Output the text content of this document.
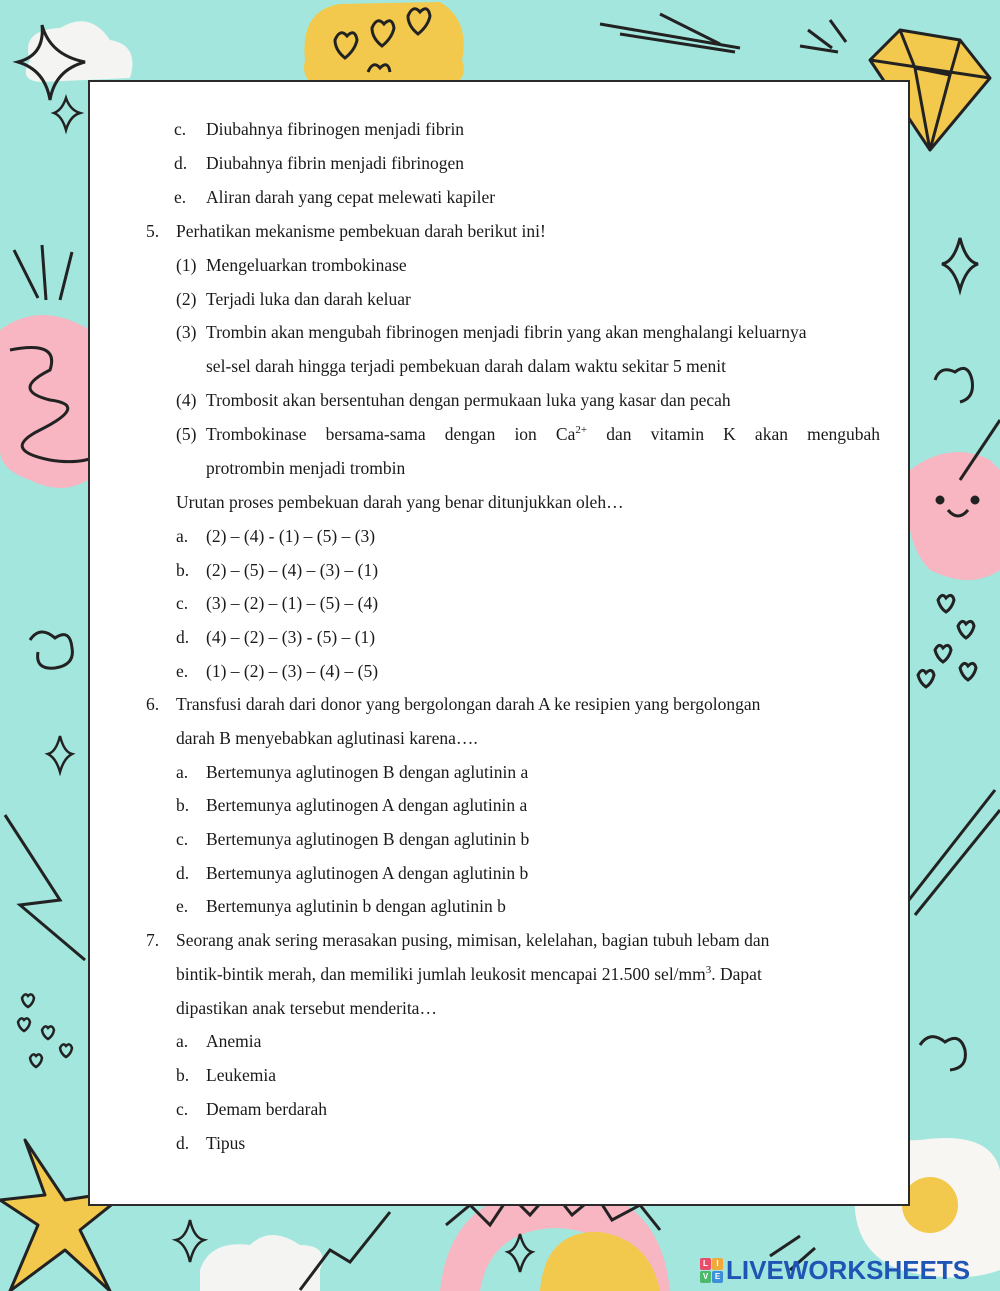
c. Diubahnya fibrinogen menjadi fibrin
d. Diubahnya fibrin menjadi fibrinogen
e. Aliran darah yang cepat melewati kapiler
5. Perhatikan mekanisme pembekuan darah berikut ini!
(1) Mengeluarkan trombokinase
(2) Terjadi luka dan darah keluar
(3) Trombin akan mengubah fibrinogen menjadi fibrin yang akan menghalangi keluarnya
sel-sel darah hingga terjadi pembekuan darah dalam waktu sekitar 5 menit
(4) Trombosit akan bersentuhan dengan permukaan luka yang kasar dan pecah
(5) Trombokinase bersama-sama dengan ion $Ca^{2+}$ dan vitamin K akan mengubah
protrombin menjadi trombin
Urutan proses pembekuan darah yang benar ditunjukkan oleh…
a. (2) – (4) - (1) – (5) – (3)
b. (2) – (5) – (4) – (3) – (1)
c. (3) – (2) – (1) – (5) – (4)
d. (4) – (2) – (3) - (5) – (1)
e. (1) – (2) – (3) – (4) – (5)
6. Transfusi darah dari donor yang bergolongan darah A ke resipien yang bergolongan
darah B menyebabkan aglutinasi karena….
a. Bertemunya aglutinogen B dengan aglutinin a
b. Bertemunya aglutinogen A dengan aglutinin a
c. Bertemunya aglutinogen B dengan aglutinin b
d. Bertemunya aglutinogen A dengan aglutinin b
e. Bertemunya aglutinin b dengan aglutinin b
7. Seorang anak sering merasakan pusing, mimisan, kelelahan, bagian tubuh lebam dan
bintik-bintik merah, dan memiliki jumlah leukosit mencapai 21.500 sel/$mm^3$. Dapat
dipastikan anak tersebut menderita…
a. Anemia
b. Leukemia
c. Demam berdarah
d. Tipus
L	I
V E LIVEWORKSHEETS
